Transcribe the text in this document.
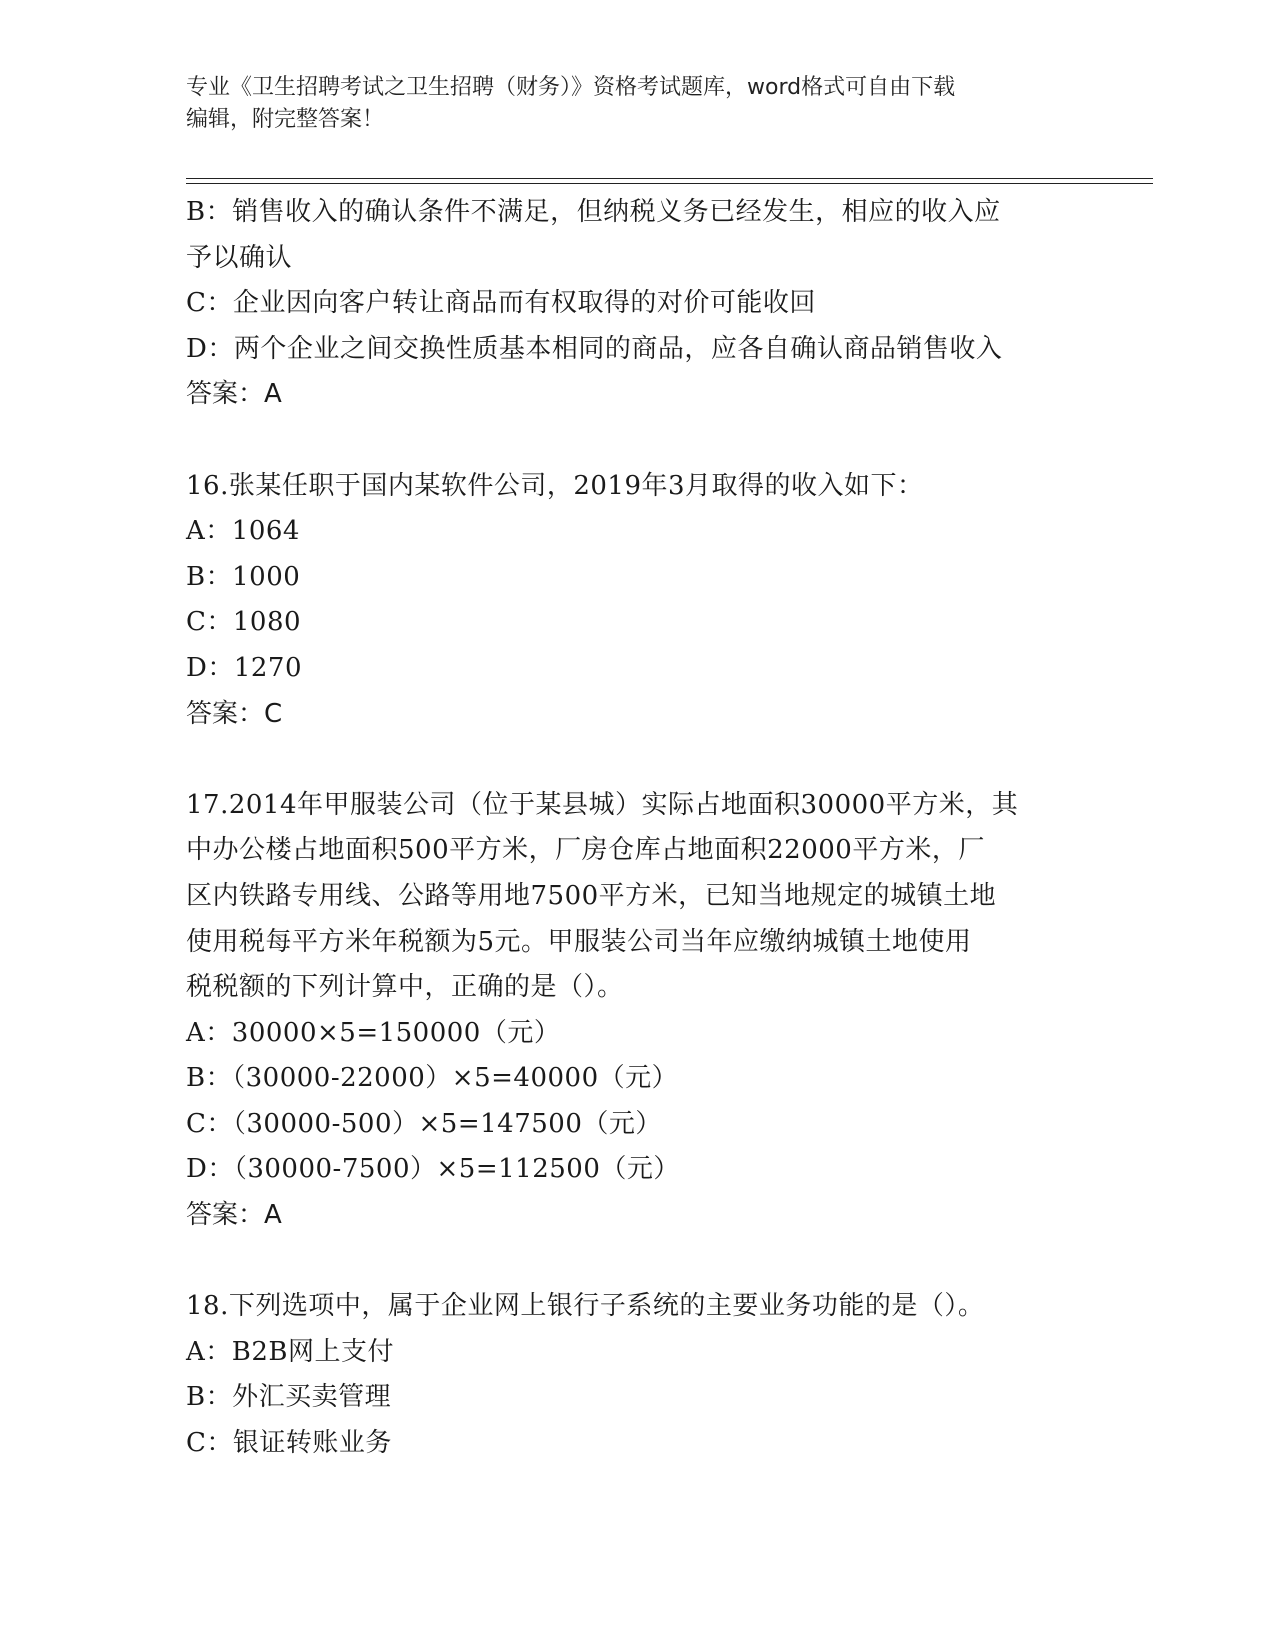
专业《卫生招聘考试之卫生招聘（财务）》资格考试题库，word格式可自由下载
编辑，附完整答案！
B：销售收入的确认条件不满足，但纳税义务已经发生，相应的收入应
予以确认
C：企业因向客户转让商品而有权取得的对价可能收回
D：两个企业之间交换性质基本相同的商品，应各自确认商品销售收入
答案：A
16.张某任职于国内某软件公司，2019年3月取得的收入如下：
A：1064
B：1000
C：1080
D：1270
答案：C
17.2014年甲服装公司（位于某县城）实际占地面积30000平方米，其
中办公楼占地面积500平方米，厂房仓库占地面积22000平方米，厂
区内铁路专用线、公路等用地7500平方米，已知当地规定的城镇土地
使用税每平方米年税额为5元。甲服装公司当年应缴纳城镇土地使用
税税额的下列计算中，正确的是（）。
A：30000×5=150000（元）
B：（30000-22000）×5=40000（元）
C：（30000-500）×5=147500（元）
D：（30000-7500）×5=112500（元）
答案：A
18.下列选项中，属于企业网上银行子系统的主要业务功能的是（）。
A：B2B网上支付
B：外汇买卖管理
C：银证转账业务
